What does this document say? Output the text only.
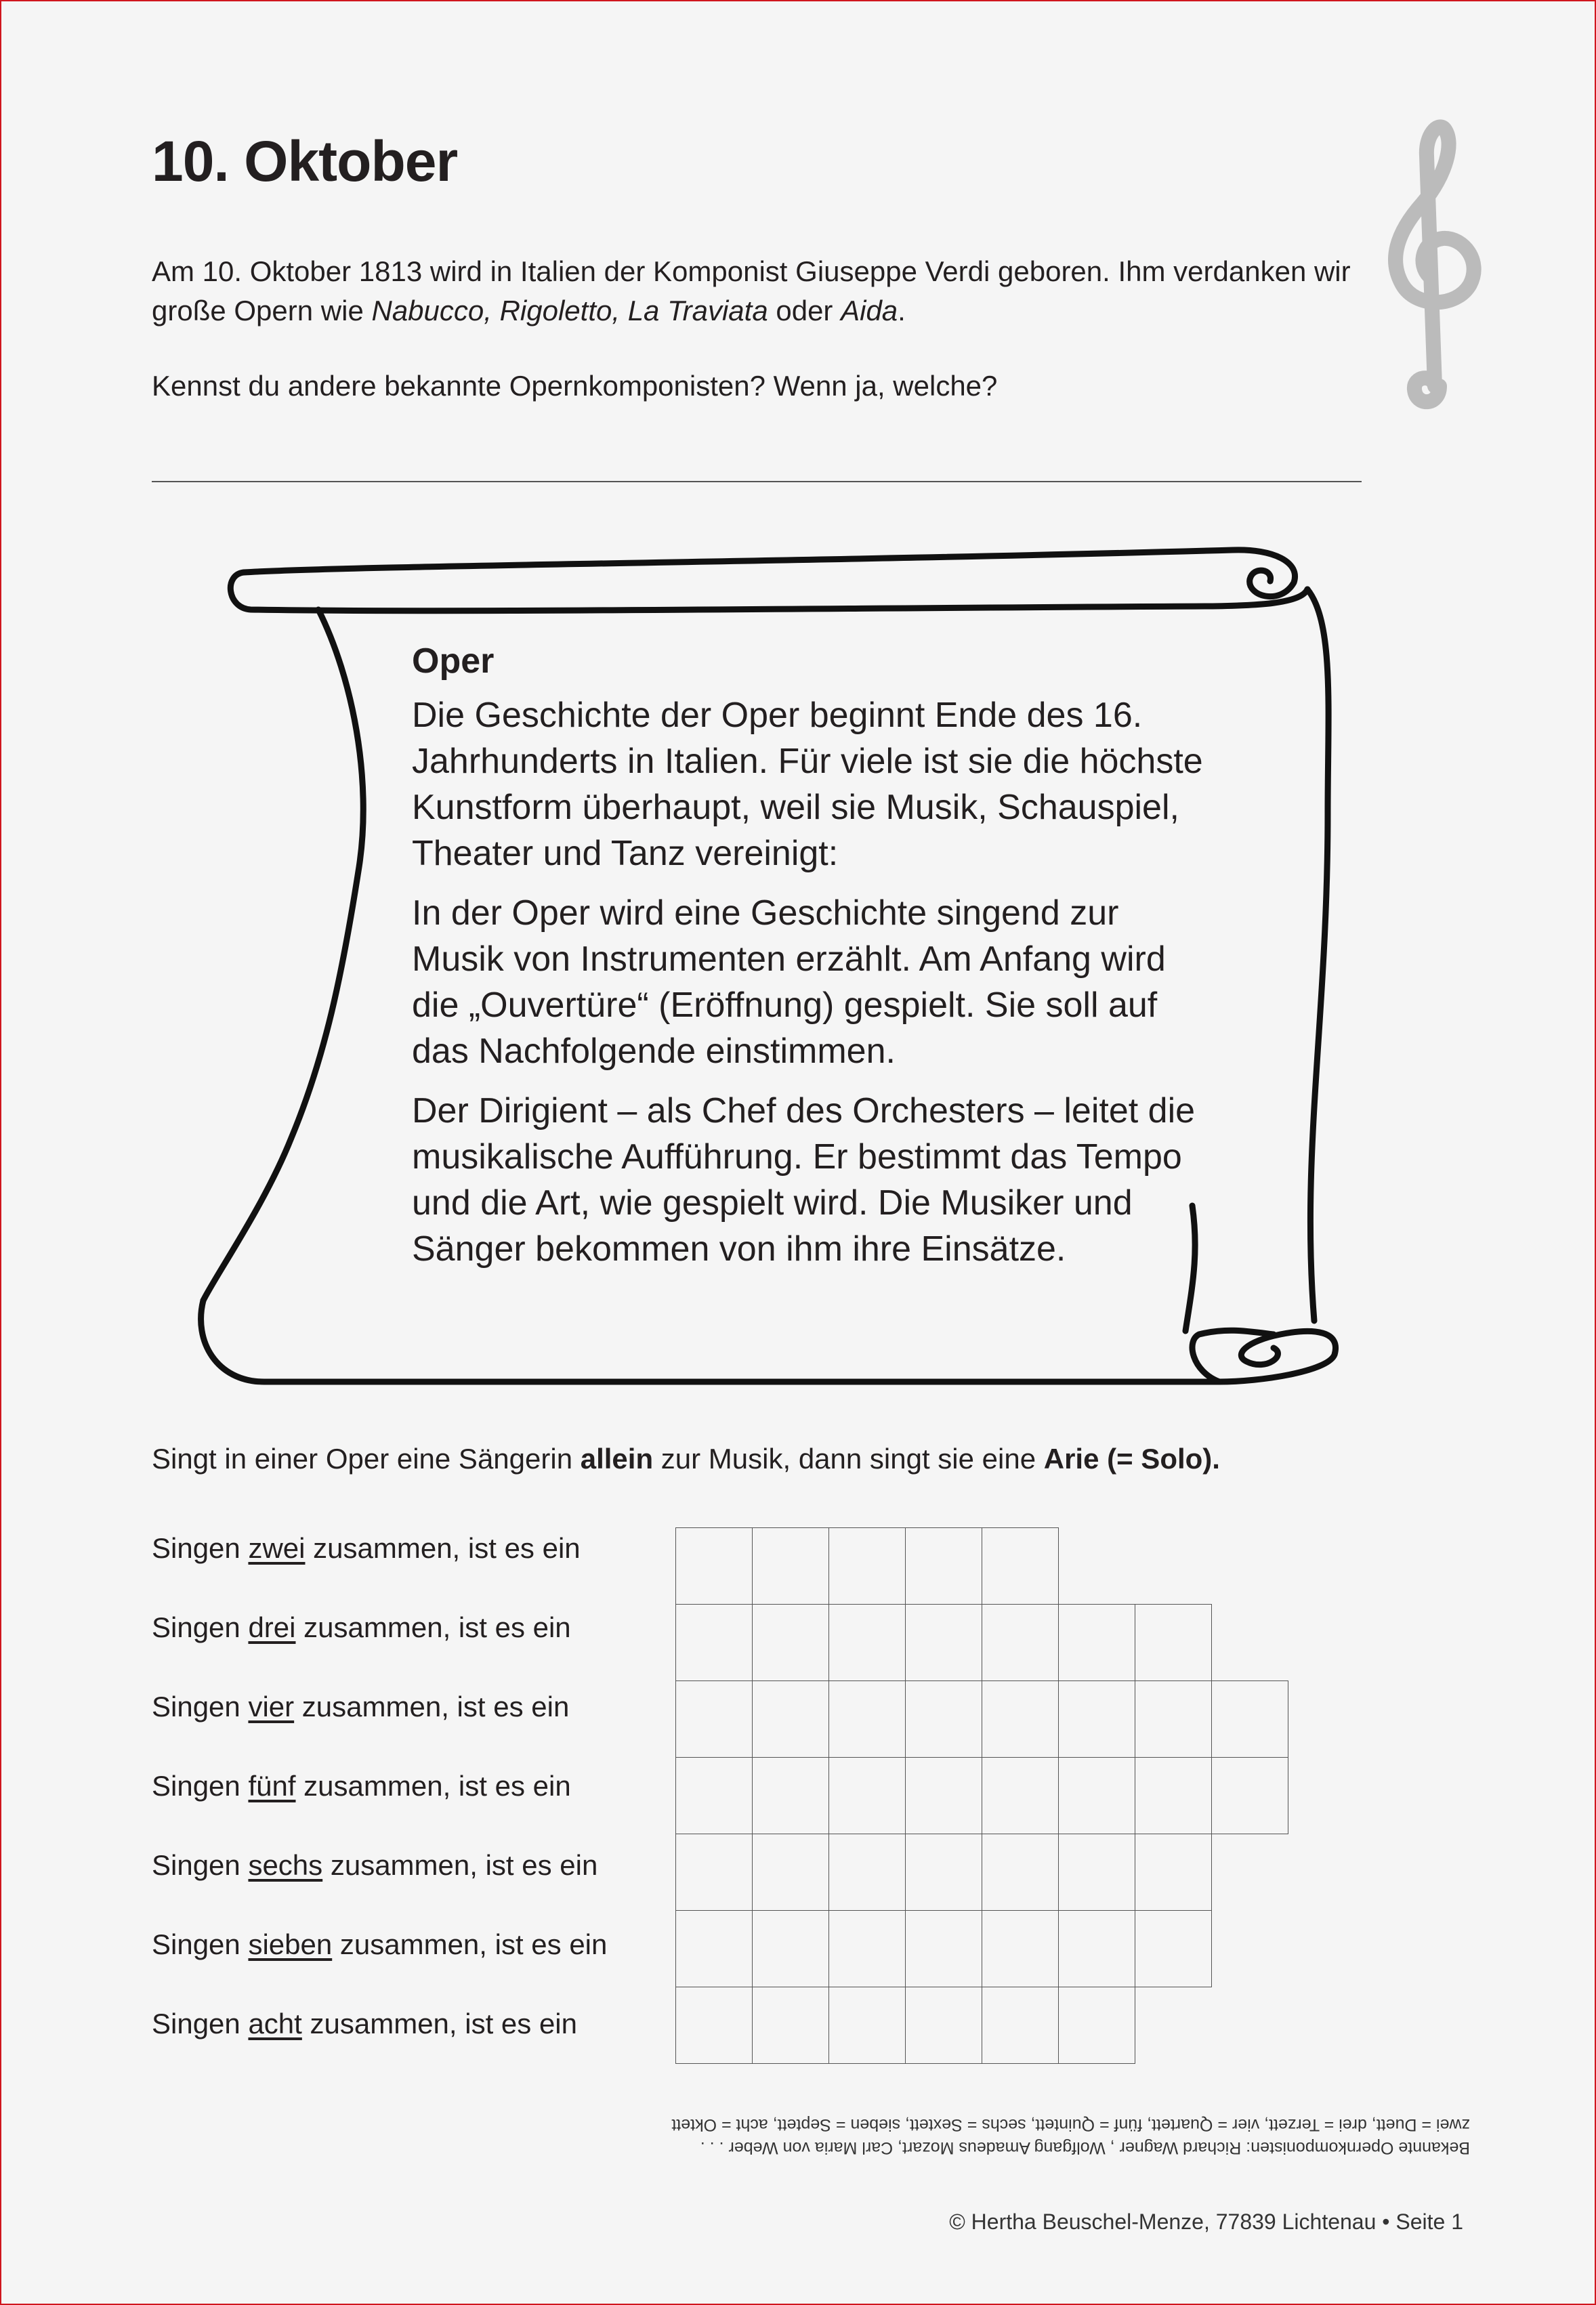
10. Oktober
Am 10. Oktober 1813 wird in Italien der Komponist Giuseppe Verdi geboren. Ihm verdanken wir große Opern wie Nabucco, Rigoletto, La Traviata oder Aida.
Kennst du andere bekannte Opernkomponisten? Wenn ja, welche?
Oper

Die Geschichte der Oper beginnt Ende des 16. Jahrhunderts in Italien. Für viele ist sie die höchste Kunstform überhaupt, weil sie Musik, Schauspiel, Theater und Tanz vereinigt:

In der Oper wird eine Geschichte singend zur Musik von Instrumenten erzählt. Am Anfang wird die „Ouvertüre“ (Eröffnung) gespielt. Sie soll auf das Nachfolgende einstimmen.

Der Dirigient – als Chef des Orchesters – leitet die musikalische Aufführung. Er bestimmt das Tempo und die Art, wie gespielt wird. Die Musiker und Sänger bekommen von ihm ihre Einsätze.

Singt in einer Oper eine Sängerin allein zur Musik, dann singt sie eine Arie (= Solo).
Singen zwei zusammen, ist es ein
Singen drei zusammen, ist es ein
Singen vier zusammen, ist es ein
Singen fünf zusammen, ist es ein
Singen sechs zusammen, ist es ein
Singen sieben zusammen, ist es ein
Singen acht zusammen, ist es ein
Bekannte Opernkomponisten: Richard Wagner , Wolfgang Amadeus Mozart, Carl Maria von Weber . . .
zwei = Duett, drei = Terzett, vier = Quartett, fünf = Quintett, sechs = Sextett, sieben = Septett, acht = Oktett
© Hertha Beuschel-Menze, 77839 Lichtenau • Seite 1
